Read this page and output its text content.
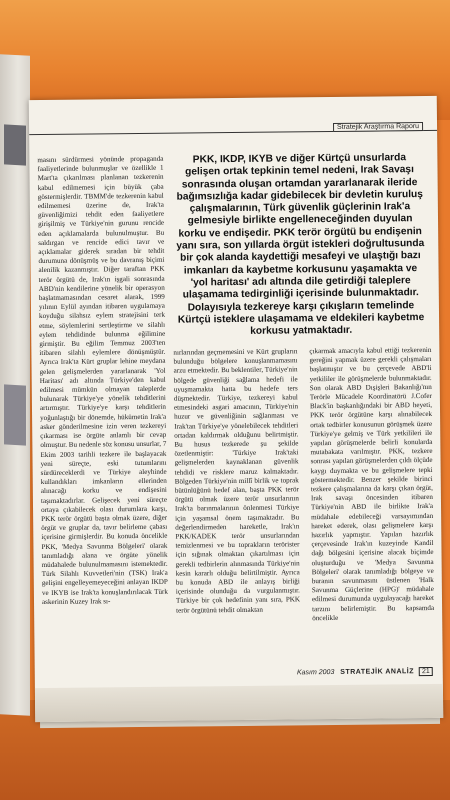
Stratejik Araştırma Raporu

masını sürdürmesi yönünde propaganda faaliyetlerinde bulunmuşlar ve özellikle 1 Mart'ta çıkarılması planlanan tezkerenin kabul edilmemesi için büyük çaba göstermişlerdir. TBMM'de tezkerenin kabul edilmemesi üzerine de, Irak'ta güvenliğimizi tehdit eden faaliyetlere girişilmiş ve Türkiye'nin gurunu rencide eden açıklamalarda bulunulmuştur. Bu saldırgan ve rencide edici tavır ve açıklamalar giderek sıradan bir tehdit durumuna dönüşmüş ve bu davranış biçimi alenilik kazanmıştır. Diğer taraftan PKK terör örgütü de, Irak'ın işgali sonrasında ABD'nin kendilerine yönelik bir operasyon başlatmamasından cesaret alarak, 1999 yılının Eylül ayından itibaren uygulamaya koyduğu silahsız eylem stratejisini terk etme, söylemlerini sertleştirme ve silahlı eylem tehdidinde bulunma eğilimine girmiştir. Bu eğilim Temmuz 2003'ten itibaren silahlı eylemlere dönüşmüştür. Ayrıca Irak'ta Kürt gruplar lehine meydana gelen gelişmelerden yararlanarak 'Yol Haritası' adı altında Türkiye'den kabul edilmesi mümkün olmayan taleplerde bulunarak Türkiye'ye yönelik tehditlerini artırmıştır. Türkiye'ye karşı tehditlerin yoğunlaştığı bir dönemde, hükümetin Irak'a asker gönderilmesine izin veren tezkereyi çıkarması ise örgüte anlamlı bir cevap olmuştur. Bu nedenle söz konusu unsurlar, 7 Ekim 2003 tarihli tezkere ile başlayacak yeni süreçte, eski tutumlarını sürdüreceklerdi ve Türkiye aleyhinde kullandıkları imkanların ellerinden alınacağı korku ve endişesini taşımaktadırlar. Gelişecek yeni süreçte ortaya çıkabilecek olası durumlara karşı, PKK terör örgütü başta olmak üzere, diğer örgüt ve gruplar da, tavır belirleme çabası içerisine girmişlerdir. Bu konuda öncelikle PKK, 'Medya Savunma Bölgeleri' olarak tanımladığı alana ve örgüte yönelik müdahalede bulunulmamasını istemektedir. Türk Silahlı Kuvvetleri'nin (TSK) Irak'a gelişini engelleyemeyeceğini anlayan IKDP ve IKYB ise Irak'ta konuşlandırılacak Türk askerinin Kuzey Irak sı-

PKK, IKDP, IKYB ve diğer Kürtçü unsurlarda gelişen ortak tepkinin temel nedeni, Irak Savaşı sonrasında oluşan ortamdan yararlanarak ileride bağımsızlığa kadar gidebilecek bir devletin kuruluş çalışmalarının, Türk güvenlik güçlerinin Irak'a gelmesiyle birlikte engelleneceğinden duyulan korku ve endişedir. PKK terör örgütü bu endişenin yanı sıra, son yıllarda örgüt istekleri doğrultusunda bir çok alanda kaydettiği mesafeyi ve ulaştığı bazı imkanları da kaybetme korkusunu yaşamakta ve 'yol haritası' adı altında dile getirdiği taleplere ulaşamama tedirginliği içerisinde bulunmaktadır. Dolayısıyla tezkereye karşı çıkışların temelinde Kürtçü isteklere ulaşamama ve eldekileri kaybetme korkusu yatmaktadır.

nırlarından geçmemesini ve Kürt grupların bulunduğu bölgelere konuşlanmamasını arzu etmektedir. Bu beklentiler, Türkiye'nin bölgede güvenliği sağlama hedefi ile uyuşmamakta hatta bu hedefe ters düşmektedir. Türkiye, tezkereyi kabul etmesindeki asgari amacının, Türkiye'nin huzur ve güvenliğinin sağlanması ve Irak'tan Türkiye'ye yönelebilecek tehditleri ortadan kaldırmak olduğunu belirtmiştir. Bu husus tezkerede şu şekilde özetlenmiştir: 'Türkiye Irak'taki gelişmelerden kaynaklanan güvenlik tehdidi ve risklere maruz kalmaktadır. Bölgeden Türkiye'nin millî birlik ve toprak bütünlüğünü hedef alan, başta PKK terör örgütü olmak üzere terör unsurlarının Irak'ta barınmalarının önlenmesi Türkiye için yaşamsal önem taşımaktadır. Bu değerlendirmeden hareketle, Irak'ın PKK/KADEK terör unsurlarından temizlenmesi ve bu toprakların terörister için sığınak olmaktan çıkartılması için gerekli tedbirlerin alınmasında Türkiye'nin kesin kararlı olduğu belirtilmiştir. Ayrıca bu konuda ABD ile anlayış birliği içerisinde olunduğu da vurgulanmıştır. Türkiye bir çok hedefinin yanı sıra, PKK terör örgütünü tehdit olmaktan

çıkarmak amacıyla kabul ettiği tezkerenin gereğini yapmak üzere gerekli çalışmaları başlatmıştır ve bu çerçevede ABD'li yetkililer ile görüşmelerde bulunmaktadır. Son olarak ABD Dışişleri Bakanlığı'nın Terörle Mücadele Koordinatörü J.Cofer Black'in başkanlığındaki bir ABD heyeti, PKK terör örgütüne karşı alınabilecek ortak tedbirler konusunun görüşmek üzere Türkiye'ye gelmiş ve Türk yetkilileri ile yapılan görüşmelerde belirli konularda mutabakata varılmıştır. PKK, tezkere sonrası yapılan görüşmelerden çıldı ölçüde kaygı duymakta ve bu gelişmelere tepki göstermektedir. Benzer şekilde birinci tezkere çalışmalarına da karşı çıkan örgüt, Irak savaşı öncesinden itibaren Türkiye'nin ABD ile birlikte Irak'a müdahale edebileceği varsayımından hareket ederek, olası gelişmelere karşı hazırlık yapmıştır. Yapılan hazırlık çerçevesinde Irak'ın kuzeyinde Kandil dağı bölgesini içerisine alacak biçimde oluşturduğu ve 'Medya Savunma Bölgeleri' olarak tanımladığı bölgeye ve buranın savunmasını üstlenen 'Halk Savunma Güçlerine (HPG)' müdahale edilmesi durumunda uygulayacağı hareket tarzını belirlemiştir. Bu kapsamda öncelikle

Kasım 2003 STRATEJİK ANALİZ 21
